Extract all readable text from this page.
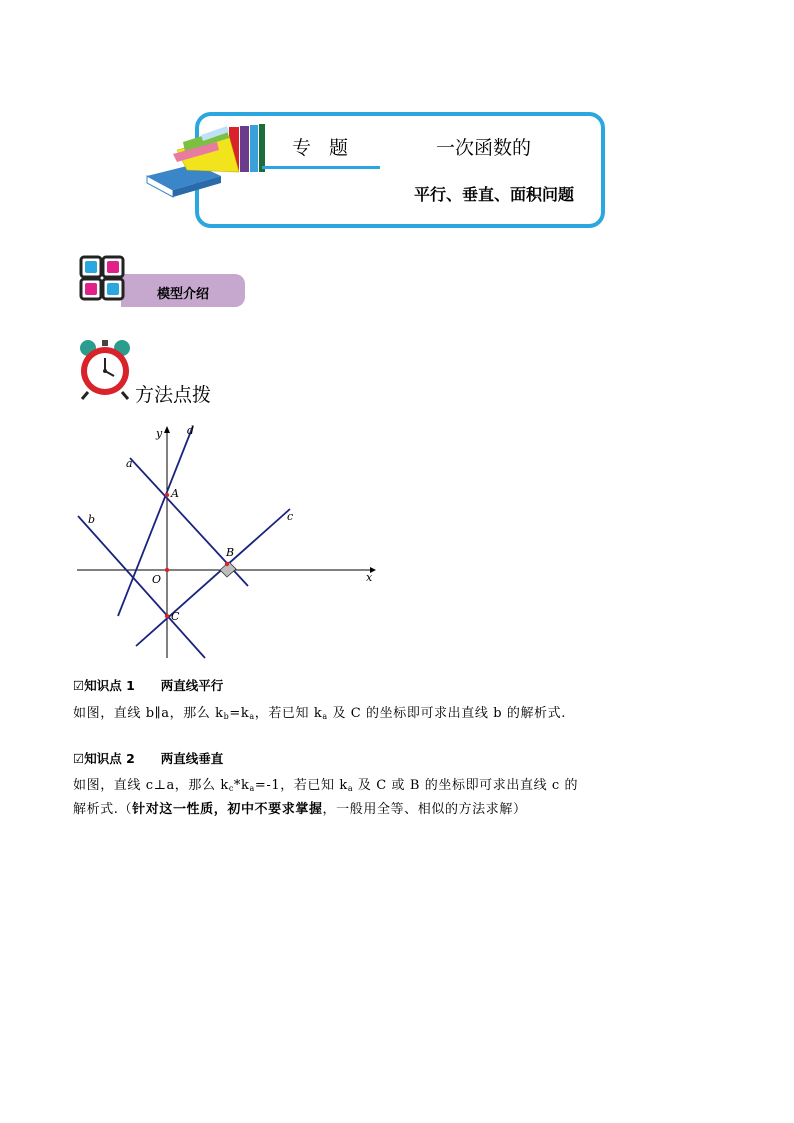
专 题	一次函数的
平行、垂直、面积问题
模型介绍
方法点拨
y
x
O
A
B
C
a
b	c
d
☑知识点 1 两直线平行
如图，直线 b∥a，那么 $k_b=k_a$，若已知 $k_a$ 及 C 的坐标即可求出直线 b 的解析式.
☑知识点 2 两直线垂直
如图，直线 c⊥a，那么 $k_c*k_a=-1$，若已知 $k_a$ 及 C 或 B 的坐标即可求出直线 c 的
解析式.（针对这一性质，初中不要求掌握，一般用全等、相似的方法求解）
